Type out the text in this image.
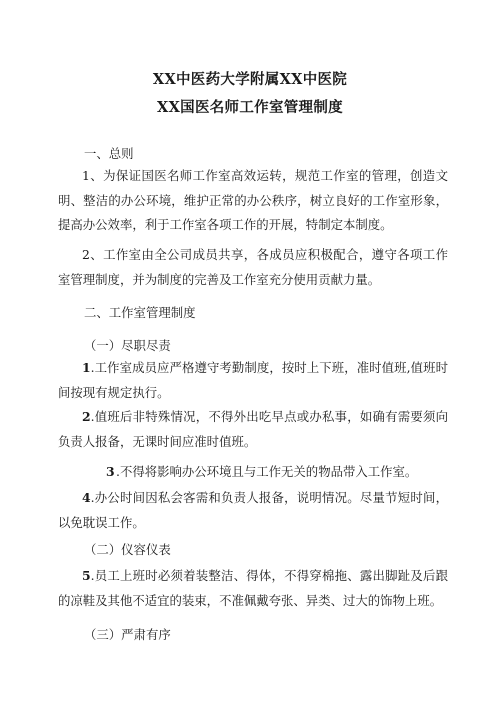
XX中医药大学附属XX中医院
XX国医名师工作室管理制度

一、总则

1、为保证国医名师工作室高效运转，规范工作室的管理，创造文明、整洁的办公环境，维护正常的办公秩序，树立良好的工作室形象，提高办公效率，利于工作室各项工作的开展，特制定本制度。

2、工作室由全公司成员共享，各成员应积极配合，遵守各项工作室管理制度，并为制度的完善及工作室充分使用贡献力量。

二、工作室管理制度

（一）尽职尽责

1.工作室成员应严格遵守考勤制度，按时上下班，准时值班,值班时间按现有规定执行。

2.值班后非特殊情况，不得外出吃早点或办私事，如确有需要须向负责人报备，无课时间应准时值班。

3.不得将影响办公环境且与工作无关的物品带入工作室。

4.办公时间因私会客需和负责人报备，说明情况。尽量节短时间，以免耽误工作。

（二）仪容仪表

5.员工上班时必须着装整洁、得体，不得穿棉拖、露出脚趾及后跟的凉鞋及其他不适宜的装束，不准佩戴夸张、异类、过大的饰物上班。

（三）严肃有序
